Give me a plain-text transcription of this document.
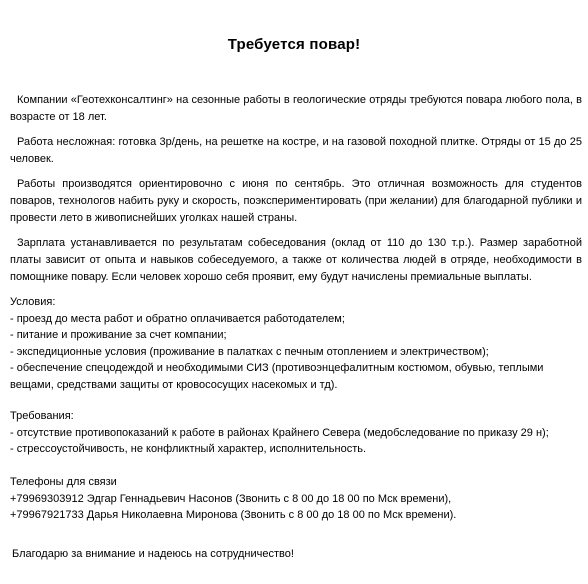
Требуется повар!

Компании «Геотехконсалтинг» на сезонные работы в геологические отряды требуются повара любого пола, в возрасте от 18 лет.

Работа несложная: готовка 3р/день, на решетке на костре, и на газовой походной плитке. Отряды от 15 до 25 человек.

Работы производятся ориентировочно с июня по сентябрь. Это отличная возможность для студентов поваров, технологов набить руку и скорость, поэкспериментировать (при желании) для благодарной публики и провести лето в живописнейших уголках нашей страны.

Зарплата устанавливается по результатам собеседования (оклад от 110 до 130 т.р.). Размер заработной платы зависит от опыта и навыков собеседуемого, а также от количества людей в отряде, необходимости в помощнике повару. Если человек хорошо себя проявит, ему будут начислены премиальные выплаты.

Условия:
- проезд до места работ и обратно оплачивается работодателем;
- питание и проживание за счет компании;
- экспедиционные условия (проживание в палатках с печным отоплением и электричеством);
- обеспечение спецодеждой и необходимыми СИЗ (противоэнцефалитным костюмом, обувью, теплыми вещами, средствами защиты от кровососущих насекомых и тд).
Требования:
- отсутствие противопоказаний к работе в районах Крайнего Севера (медобследование по приказу 29 н);
- стрессоустойчивость, не конфликтный характер, исполнительность.
Телефоны для связи
+79969303912 Эдгар Геннадьевич Насонов (Звонить с 8 00 до 18 00 по Мск времени),
+79967921733 Дарья Николаевна Миронова (Звонить с 8 00 до 18 00 по Мск времени).
Благодарю за внимание и надеюсь на сотрудничество!
